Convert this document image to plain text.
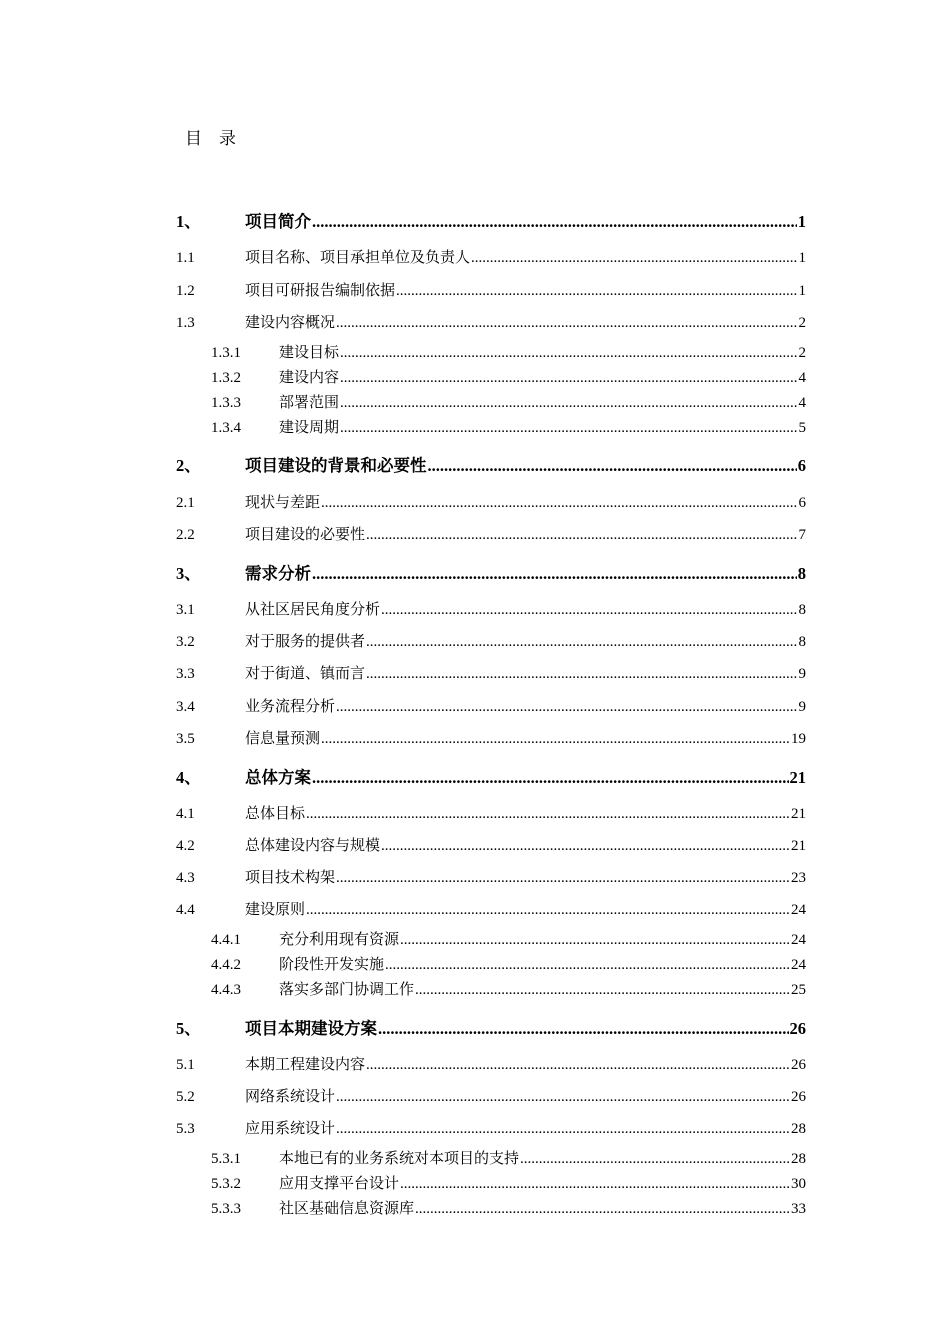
目　录
1、	项目简介 .....	1
1.1	项目名称、项目承担单位及负责人 .....	1
1.2	项目可研报告编制依据 .....	1
1.3	建设内容概况 .....	2
1.3.1	建设目标 .....	2
1.3.2	建设内容 .....	4
1.3.3	部署范围 .....	4
1.3.4	建设周期 .....	5
2、	项目建设的背景和必要性 .....	6
2.1	现状与差距 .....	6
2.2	项目建设的必要性 .....	7
3、	需求分析 .....	8
3.1	从社区居民角度分析 .....	8
3.2	对于服务的提供者 .....	8
3.3	对于街道、镇而言 .....	9
3.4	业务流程分析 .....	9
3.5	信息量预测 .....	19
4、	总体方案 .....	21
4.1	总体目标 .....	21
4.2	总体建设内容与规模 .....	21
4.3	项目技术构架 .....	23
4.4	建设原则 .....	24
4.4.1	充分利用现有资源 .....	24
4.4.2	阶段性开发实施 .....	24
4.4.3	落实多部门协调工作 .....	25
5、	项目本期建设方案 .....	26
5.1	本期工程建设内容 .....	26
5.2	网络系统设计 .....	26
5.3	应用系统设计 .....	28
5.3.1	本地已有的业务系统对本项目的支持 .....	28
5.3.2	应用支撑平台设计 .....	30
5.3.3	社区基础信息资源库 .....	33
